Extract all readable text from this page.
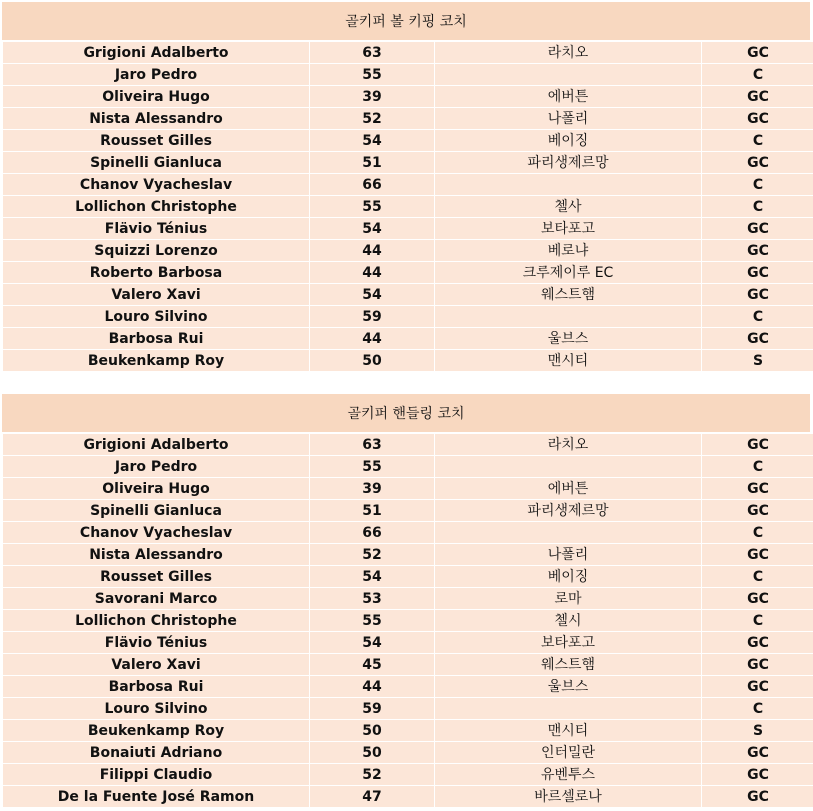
골키퍼 볼 키핑 코치
Grigioni Adalberto	63	라치오	GC
Jaro Pedro	55		C
Oliveira Hugo	39	에버튼	GC
Nista Alessandro	52	나폴리	GC
Rousset Gilles	54	베이징	C
Spinelli Gianluca	51	파리생제르망	GC
Chanov Vyacheslav	66		C
Lollichon Christophe	55	첼사	C
Flävio Ténius	54	보타포고	GC
Squizzi Lorenzo	44	베로냐	GC
Roberto Barbosa	44	크루제이루 EC	GC
Valero Xavi	54	웨스트햄	GC
Louro Silvino	59		C
Barbosa Rui	44	울브스	GC
Beukenkamp Roy	50	맨시티	S
골키퍼 핸들링 코치
Grigioni Adalberto	63	라치오	GC
Jaro Pedro	55		C
Oliveira Hugo	39	에버튼	GC
Spinelli Gianluca	51	파리생제르망	GC
Chanov Vyacheslav	66		C
Nista Alessandro	52	나폴리	GC
Rousset Gilles	54	베이징	C
Savorani Marco	53	로마	GC
Lollichon Christophe	55	첼시	C
Flävio Ténius	54	보타포고	GC
Valero Xavi	45	웨스트햄	GC
Barbosa Rui	44	울브스	GC
Louro Silvino	59		C
Beukenkamp Roy	50	맨시티	S
Bonaiuti Adriano	50	인터밀란	GC
Filippi Claudio	52	유벤투스	GC
De la Fuente José Ramon	47	바르셀로나	GC
